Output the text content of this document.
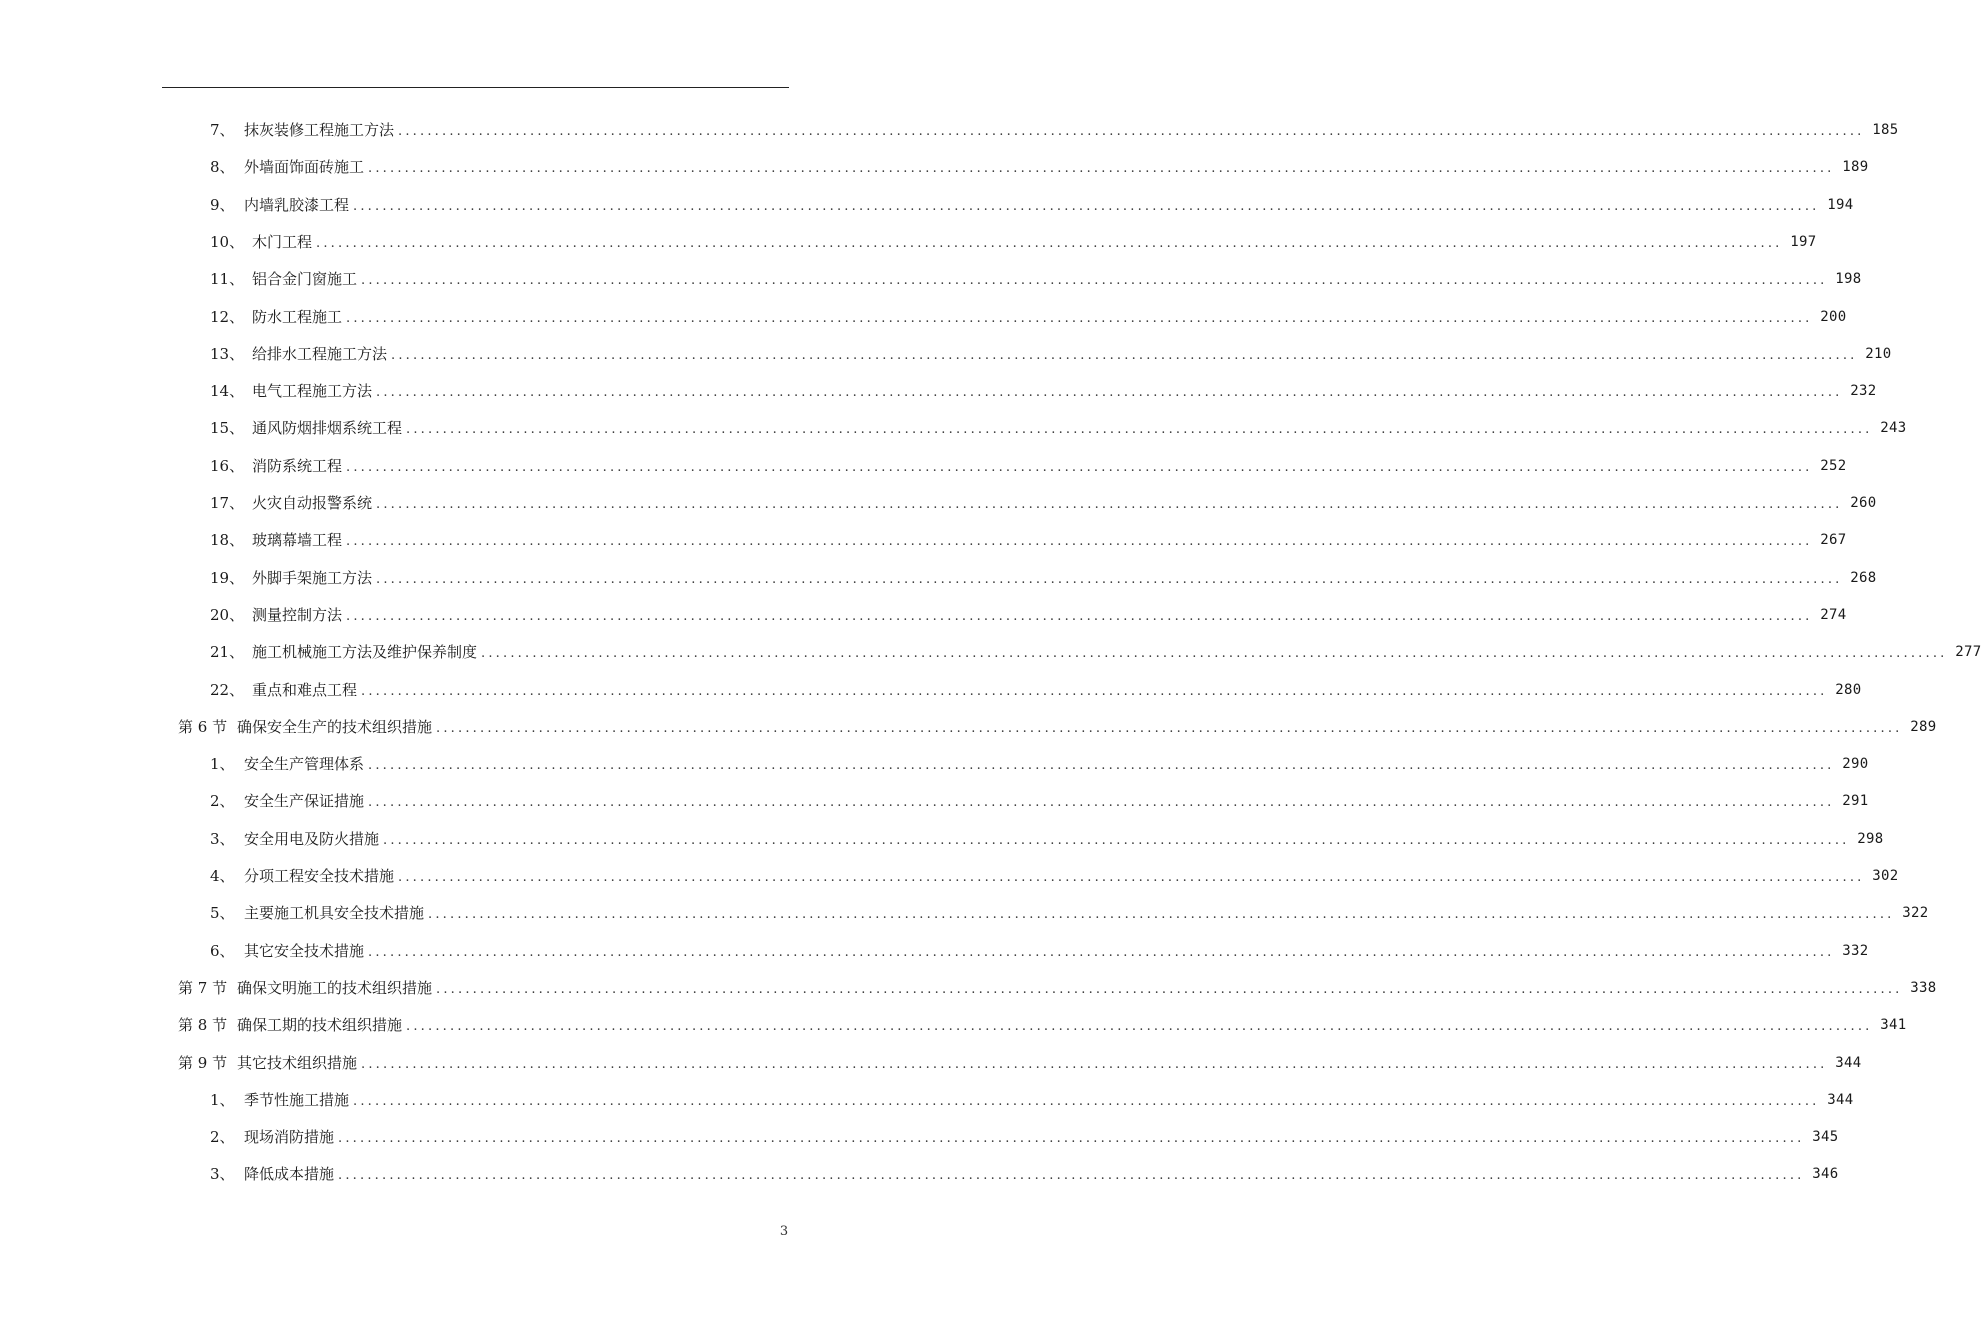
7、 抹灰装修工程施工方法 ........................................................................................................................................................................................................ 185
8、 外墙面饰面砖施工 ........................................................................................................................................................................................................ 189
9、 内墙乳胶漆工程 ........................................................................................................................................................................................................ 194
10、 木门工程 ........................................................................................................................................................................................................ 197
11、 铝合金门窗施工 ........................................................................................................................................................................................................ 198
12、 防水工程施工 ........................................................................................................................................................................................................ 200
13、 给排水工程施工方法 ........................................................................................................................................................................................................ 210
14、 电气工程施工方法 ........................................................................................................................................................................................................ 232
15、 通风防烟排烟系统工程 ........................................................................................................................................................................................................ 243
16、 消防系统工程 ........................................................................................................................................................................................................ 252
17、 火灾自动报警系统 ........................................................................................................................................................................................................ 260
18、 玻璃幕墙工程 ........................................................................................................................................................................................................ 267
19、 外脚手架施工方法 ........................................................................................................................................................................................................ 268
20、 测量控制方法 ........................................................................................................................................................................................................ 274
21、 施工机械施工方法及维护保养制度 ........................................................................................................................................................................................................ 277
22、 重点和难点工程 ........................................................................................................................................................................................................ 280
第 6 节 确保安全生产的技术组织措施 ........................................................................................................................................................................................................ 289
1、 安全生产管理体系 ........................................................................................................................................................................................................ 290
2、 安全生产保证措施 ........................................................................................................................................................................................................ 291
3、 安全用电及防火措施 ........................................................................................................................................................................................................ 298
4、 分项工程安全技术措施 ........................................................................................................................................................................................................ 302
5、 主要施工机具安全技术措施 ........................................................................................................................................................................................................ 322
6、 其它安全技术措施 ........................................................................................................................................................................................................ 332
第 7 节 确保文明施工的技术组织措施 ........................................................................................................................................................................................................ 338
第 8 节 确保工期的技术组织措施 ........................................................................................................................................................................................................ 341
第 9 节 其它技术组织措施 ........................................................................................................................................................................................................ 344
1、 季节性施工措施 ........................................................................................................................................................................................................ 344
2、 现场消防措施 ........................................................................................................................................................................................................ 345
3、 降低成本措施 ........................................................................................................................................................................................................ 346
3
